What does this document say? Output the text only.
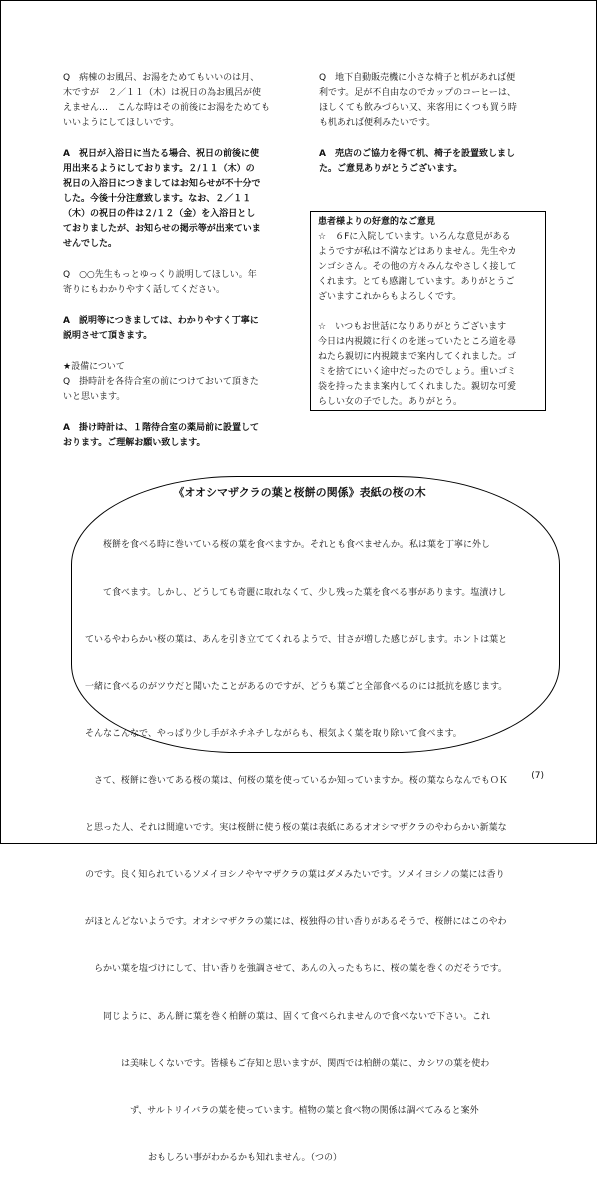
Q　病棟のお風呂、お湯をためてもいいのは月、
木ですが　２／１１（木）は祝日の為お風呂が使
えません…　こんな時はその前後にお湯をためても
いいようにしてほしいです。

A　祝日が入浴日に当たる場合、祝日の前後に使
用出来るようにしております。２/１１（木）の
祝日の入浴日につきましてはお知らせが不十分で
した。今後十分注意致します。なお、２／１１
（木）の祝日の件は２/１２（金）を入浴日とし
ておりましたが、お知らせの掲示等が出来ていま
せんでした。

Q　○○先生もっとゆっくり説明してほしい。年
寄りにもわかりやすく話してください。

A　説明等につきましては、わかりやすく丁寧に
説明させて頂きます。

★設備について
Q　掛時計を各待合室の前につけておいて頂きた
いと思います。

A　掛け時計は、１階待合室の薬局前に設置して
おります。ご理解お願い致します。

Q　地下自動販売機に小さな椅子と机があれば便
利です。足が不自由なのでカップのコーヒーは、
ほしくても飲みづらい又、来客用にくつも買う時
も机あれば便利みたいです。

A　売店のご協力を得て机、椅子を設置致しまし
た。ご意見ありがとうございます。

患者様よりの好意的なご意見

☆　６Fに入院しています。いろんな意見がある
ようですが私は不満などはありません。先生やカ
ンゴシさん。その他の方々みんなやさしく接して
くれます。とても感謝しています。ありがとうご
ざいますこれからもよろしくです。

☆　いつもお世話になりありがとうございます
今日は内視鏡に行くのを迷っていたところ道を尋
ねたら親切に内視鏡まで案内してくれました。ゴ
ミを捨てにいく途中だったのでしょう。重いゴミ
袋を持ったまま案内してくれました。親切な可愛
らしい女の子でした。ありがとう。

《オオシマザクラの葉と桜餅の関係》表紙の桜の木

　　桜餅を食べる時に巻いている桜の葉を食べますか。それとも食べませんか。私は葉を丁寧に外し

　　て食べます。しかし、どうしても奇麗に取れなくて、少し残った葉を食べる事があります。塩漬けし

ているやわらかい桜の葉は、あんを引き立ててくれるようで、甘さが増した感じがします。ホントは葉と

一緒に食べるのがツウだと聞いたことがあるのですが、どうも葉ごと全部食べるのには抵抗を感じます。

そんなこんなで、やっぱり少し手がネチネチしながらも、根気よく葉を取り除いて食べます。

　さて、桜餅に巻いてある桜の葉は、何桜の葉を使っているか知っていますか。桜の葉ならなんでもＯＫ

と思った人、それは間違いです。実は桜餅に使う桜の葉は表紙にあるオオシマザクラのやわらかい新葉な

のです。良く知られているソメイヨシノやヤマザクラの葉はダメみたいです。ソメイヨシノの葉には香り

がほとんどないようです。オオシマザクラの葉には、桜独得の甘い香りがあるそうで、桜餅にはこのやわ

　らかい葉を塩づけにして、甘い香りを強調させて、あんの入ったもちに、桜の葉を巻くのだそうです。

　　同じように、あん餅に葉を巻く柏餅の葉は、固くて食べられませんので食べないで下さい。これ

　　　　は美味しくないです。皆様もご存知と思いますが、関西では柏餅の葉に、カシワの葉を使わ

　　　　　ず、サルトリイバラの葉を使っています。植物の葉と食べ物の関係は調べてみると案外

　　　　　　　おもしろい事がわかるかも知れません。（つの）

(7)
